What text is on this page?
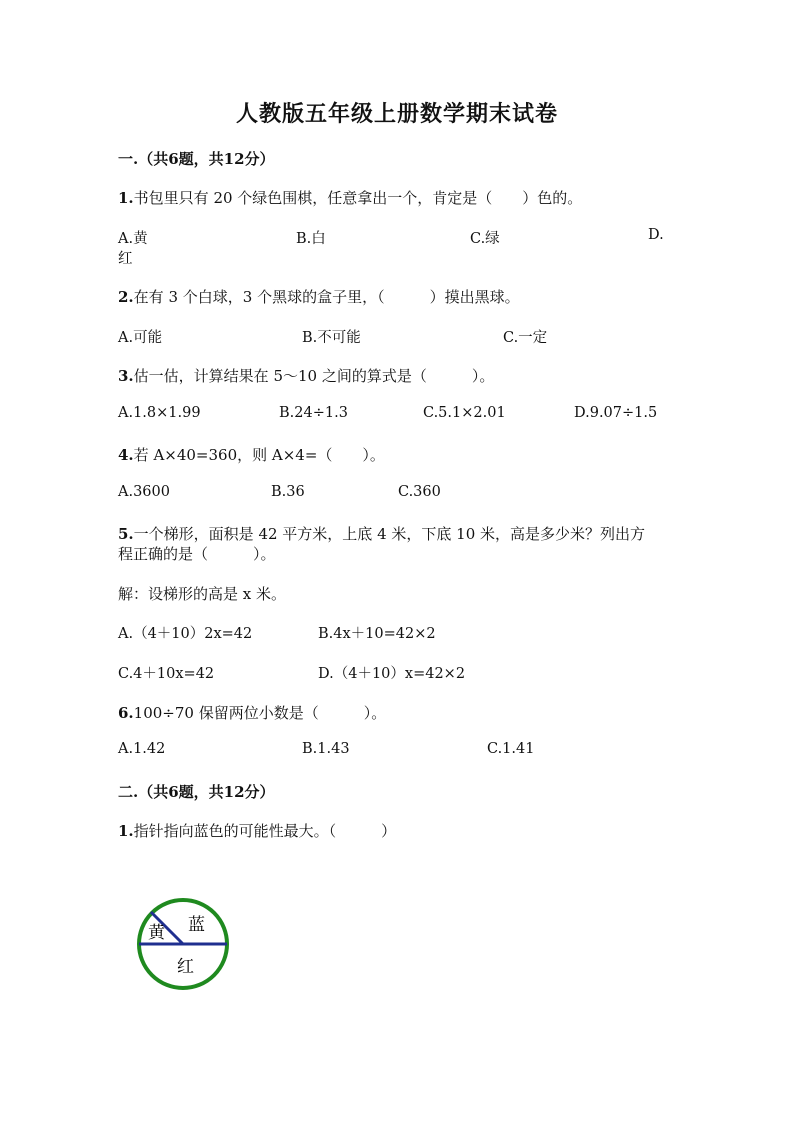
人教版五年级上册数学期末试卷
一.（共6题，共12分）
1.书包里只有 20 个绿色围棋，任意拿出一个，肯定是（　　）色的。
A.黄	B.白	C.绿	D.
红
2.在有 3 个白球，3 个黑球的盒子里，（　　　）摸出黑球。
A.可能	B.不可能	C.一定
3.估一估，计算结果在 5～10 之间的算式是（　　　）。
A.1.8×1.99	B.24÷1.3	C.5.1×2.01	D.9.07÷1.5
4.若 A×40=360，则 A×4=（　　）。
A.3600	B.36	C.360
5.一个梯形，面积是 42 平方米，上底 4 米，下底 10 米，高是多少米？列出方
程正确的是（　　　）。
解：设梯形的高是 x 米。
A.（4＋10）2x=42	B.4x＋10=42×2
C.4＋10x=42	D.（4＋10）x=42×2
6.100÷70 保留两位小数是（　　　）。
A.1.42	B.1.43	C.1.41
二.（共6题，共12分）
1.指针指向蓝色的可能性最大。（　　　）
黄 蓝
红
